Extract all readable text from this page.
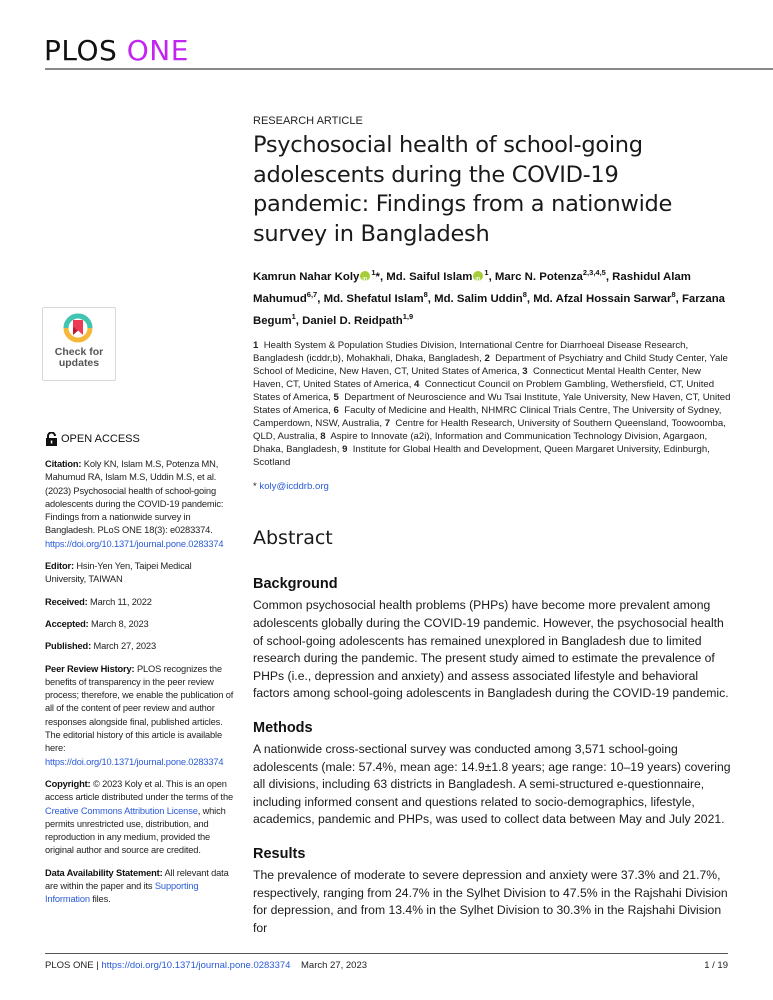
PLOS ONE
Check for
updates
OPEN ACCESS
Citation: Koly KN, Islam M.S, Potenza MN, Mahumud RA, Islam M.S, Uddin M.S, et al. (2023) Psychosocial health of school-going adolescents during the COVID-19 pandemic: Findings from a nationwide survey in Bangladesh. PLoS ONE 18(3): e0283374. https://doi.org/10.1371/journal.pone.0283374
Editor: Hsin-Yen Yen, Taipei Medical University, TAIWAN
Received: March 11, 2022
Accepted: March 8, 2023
Published: March 27, 2023
Peer Review History: PLOS recognizes the benefits of transparency in the peer review process; therefore, we enable the publication of all of the content of peer review and author responses alongside final, published articles. The editorial history of this article is available here: https://doi.org/10.1371/journal.pone.0283374
Copyright: © 2023 Koly et al. This is an open access article distributed under the terms of the Creative Commons Attribution License, which permits unrestricted use, distribution, and reproduction in any medium, provided the original author and source are credited.
Data Availability Statement: All relevant data are within the paper and its Supporting Information files.
RESEARCH ARTICLE
Psychosocial health of school-going adolescents during the COVID-19 pandemic: Findings from a nationwide survey in Bangladesh
Kamrun Nahar Koly iD $^1$*, Md. Saiful Islam iD $^1$, Marc N. Potenza$^{2,3,4,5}$, Rashidul Alam Mahumud$^{6,7}$, Md. Shefatul Islam$^8$, Md. Salim Uddin$^8$, Md. Afzal Hossain Sarwar$^8$, Farzana Begum$^1$, Daniel D. Reidpath$^{1,9}$
1 Health System & Population Studies Division, International Centre for Diarrhoeal Disease Research, Bangladesh (icddr,b), Mohakhali, Dhaka, Bangladesh, 2 Department of Psychiatry and Child Study Center, Yale School of Medicine, New Haven, CT, United States of America, 3 Connecticut Mental Health Center, New Haven, CT, United States of America, 4 Connecticut Council on Problem Gambling, Wethersfield, CT, United States of America, 5 Department of Neuroscience and Wu Tsai Institute, Yale University, New Haven, CT, United States of America, 6 Faculty of Medicine and Health, NHMRC Clinical Trials Centre, The University of Sydney, Camperdown, NSW, Australia, 7 Centre for Health Research, University of Southern Queensland, Toowoomba, QLD, Australia, 8 Aspire to Innovate (a2i), Information and Communication Technology Division, Agargaon, Dhaka, Bangladesh, 9 Institute for Global Health and Development, Queen Margaret University, Edinburgh, Scotland
* koly@icddrb.org
Abstract
Background
Common psychosocial health problems (PHPs) have become more prevalent among adolescents globally during the COVID-19 pandemic. However, the psychosocial health of school-going adolescents has remained unexplored in Bangladesh due to limited research during the pandemic. The present study aimed to estimate the prevalence of PHPs (i.e., depression and anxiety) and assess associated lifestyle and behavioral factors among school-going adolescents in Bangladesh during the COVID-19 pandemic.
Methods
A nationwide cross-sectional survey was conducted among 3,571 school-going adolescents (male: 57.4%, mean age: 14.9±1.8 years; age range: 10–19 years) covering all divisions, including 63 districts in Bangladesh. A semi-structured e-questionnaire, including informed consent and questions related to socio-demographics, lifestyle, academics, pandemic and PHPs, was used to collect data between May and July 2021.
Results
The prevalence of moderate to severe depression and anxiety were 37.3% and 21.7%, respectively, ranging from 24.7% in the Sylhet Division to 47.5% in the Rajshahi Division for depression, and from 13.4% in the Sylhet Division to 30.3% in the Rajshahi Division for
PLOS ONE |
https://doi.org/10.1371/journal.pone.0283374
March 27, 2023	1 / 19
